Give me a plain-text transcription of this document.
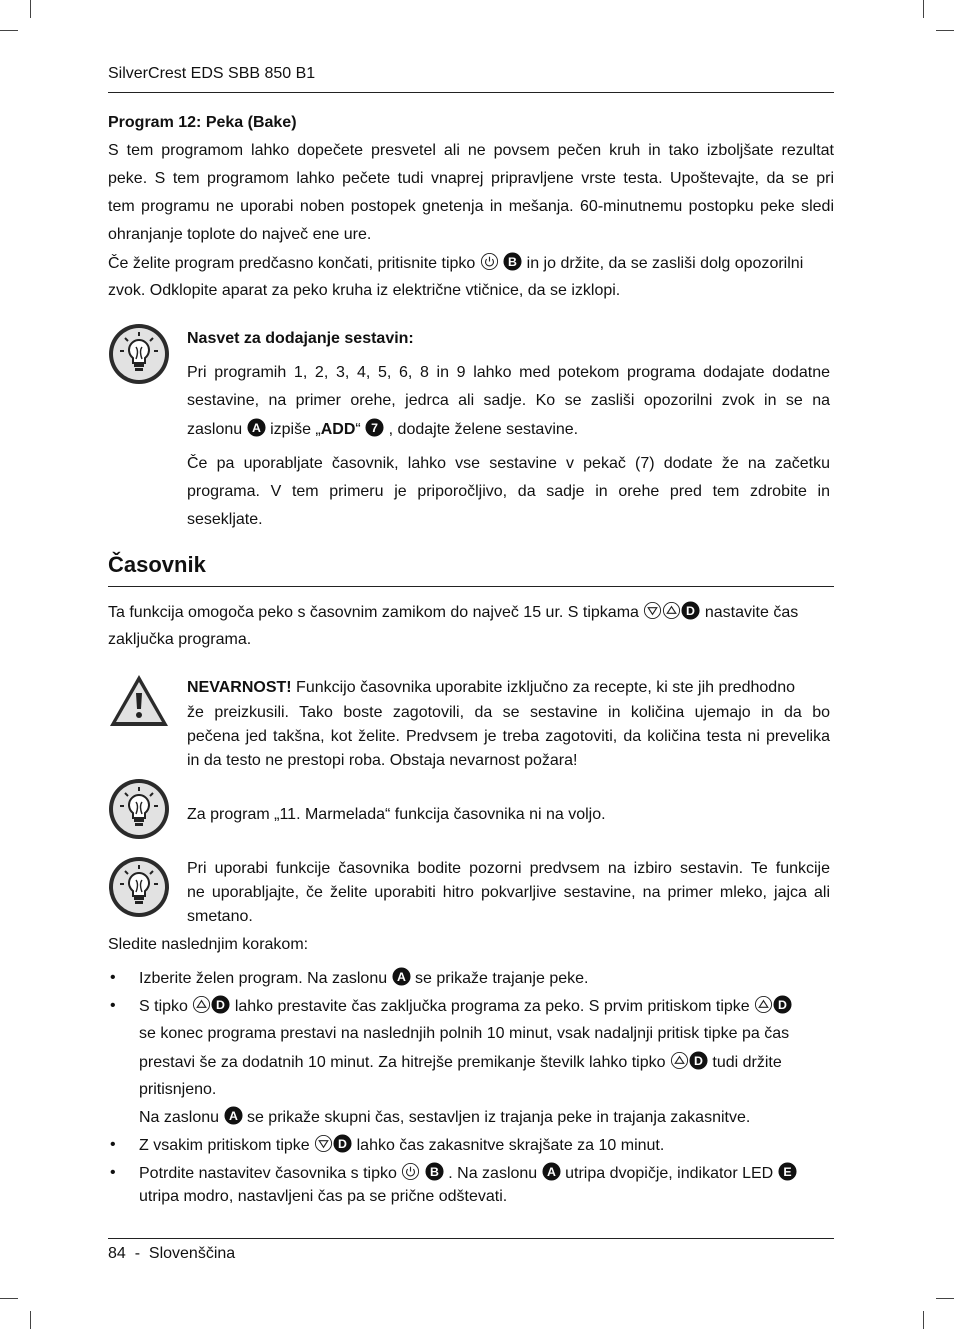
SilverCrest EDS SBB 850 B1
Program 12: Peka (Bake)
S tem programom lahko dopečete presvetel ali ne povsem pečen kruh in tako izboljšate rezultat
peke. S tem programom lahko pečete tudi vnaprej pripravljene vrste testa. Upoštevajte, da se pri
tem programu ne uporabi noben postopek gnetenja in mešanja. 60-minutnemu postopku peke sledi
ohranjanje toplote do največ ene ure.
Če želite program predčasno končati, pritisnite tipko	B in jo držite, da se zasliši dolg opozorilni
zvok. Odklopite aparat za peko kruha iz električne vtičnice, da se izklopi.
Nasvet za dodajanje sestavin:
Pri programih 1, 2, 3, 4, 5, 6, 8 in 9 lahko med potekom programa dodajate dodatne
sestavine, na primer orehe, jedrca ali sadje. Ko se zasliši opozorilni zvok in se na
zaslonu A izpiše „ADD“ 7 , dodajte želene sestavine.
Če pa uporabljate časovnik, lahko vse sestavine v pekač (7) dodate že na začetku
programa. V tem primeru je priporočljivo, da sadje in orehe pred tem zdrobite in
sesekljate.
Časovnik
Ta funkcija omogoča peko s časovnim zamikom do največ 15 ur. S tipkama	D nastavite čas
zaključka programa.
NEVARNOST! Funkcijo časovnika uporabite izključno za recepte, ki ste jih predhodno
že preizkusili. Tako boste zagotovili, da se sestavine in količina ujemajo in da bo
pečena jed takšna, kot želite. Predvsem je treba zagotoviti, da količina testa ni prevelika
in da testo ne prestopi roba. Obstaja nevarnost požara!
Za program „11. Marmelada“ funkcija časovnika ni na voljo.
Pri uporabi funkcije časovnika bodite pozorni predvsem na izbiro sestavin. Te funkcije
ne uporabljajte, če želite uporabiti hitro pokvarljive sestavine, na primer mleko, jajca ali
smetano.
Sledite naslednjim korakom:
• Izberite želen program. Na zaslonu A se prikaže trajanje peke.
• S tipko D lahko prestavite čas zaključka programa za peko. S prvim pritiskom tipke D
se konec programa prestavi na naslednjih polnih 10 minut, vsak nadaljnji pritisk tipke pa čas
prestavi še za dodatnih 10 minut. Za hitrejše premikanje številk lahko tipko D tudi držite
pritisnjeno.
Na zaslonu A se prikaže skupni čas, sestavljen iz trajanja peke in trajanja zakasnitve.
• Z vsakim pritiskom tipke D lahko čas zakasnitve skrajšate za 10 minut.
• Potrdite nastavitev časovnika s tipko	B . Na zaslonu A utripa dvopičje, indikator LED E
utripa modro, nastavljeni čas pa se prične odštevati.
84 - Slovenščina
